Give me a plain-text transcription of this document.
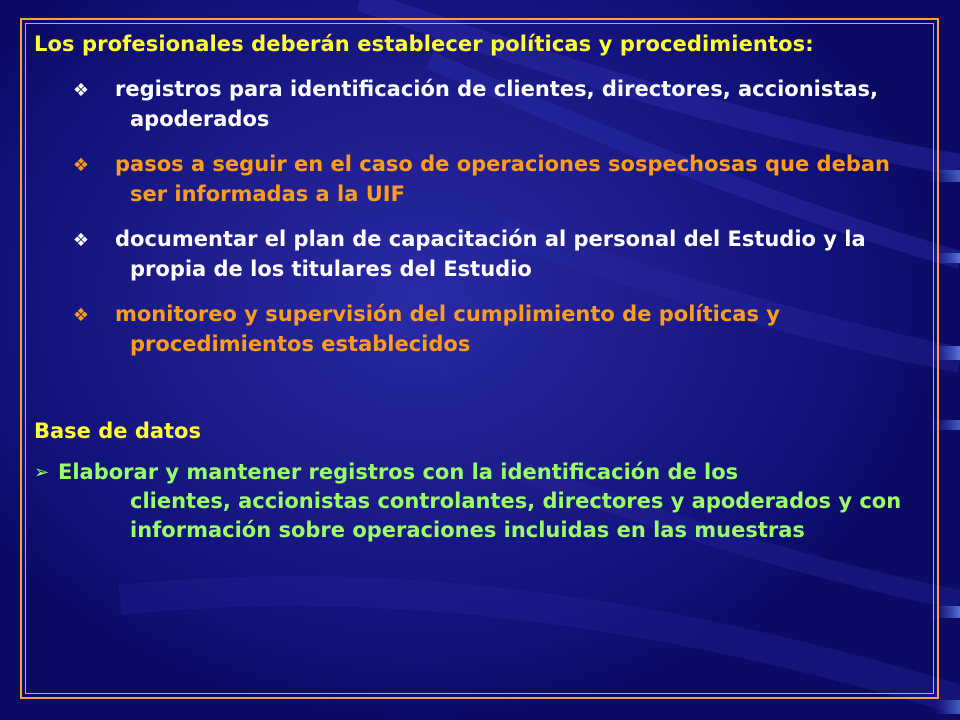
Los profesionales deberán establecer políticas y procedimientos:
❖ registros para identificación de clientes, directores, accionistas, apoderados
❖ pasos a seguir en el caso de operaciones sospechosas que deban ser informadas a la UIF
❖ documentar el plan de capacitación al personal del Estudio y la propia de los titulares del Estudio
❖ monitoreo y supervisión del cumplimiento de políticas y procedimientos establecidos
Base de datos
➢ Elaborar y mantener registros con la identificación de los
clientes, accionistas controlantes, directores y apoderados y con información sobre operaciones incluidas en las muestras
